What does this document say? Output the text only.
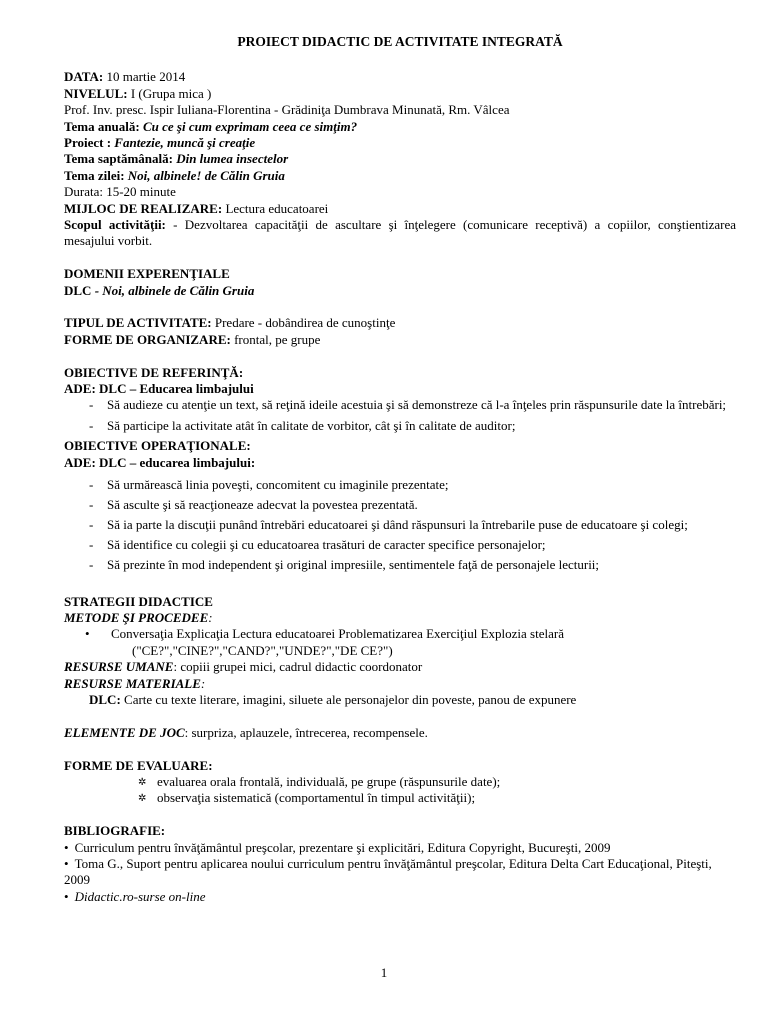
PROIECT DIDACTIC DE ACTIVITATE INTEGRATĂ

DATA: 10 martie 2014

NIVELUL: I (Grupa mica )

Prof. Inv. presc. Ispir Iuliana-Florentina - Grădiniţa Dumbrava Minunată, Rm. Vâlcea

Tema anuală: Cu ce şi cum exprimam ceea ce simţim?

Proiect : Fantezie, muncă şi creaţie

Tema saptămânală: Din lumea insectelor

Tema zilei: Noi, albinele! de Călin Gruia

Durata: 15-20 minute

MIJLOC DE REALIZARE: Lectura educatoarei

Scopul activităţii: - Dezvoltarea capacităţii de ascultare şi înţelegere (comunicare receptivă) a copiilor, conştientizarea mesajului vorbit.

DOMENII EXPERENŢIALE

DLC - Noi, albinele de Călin Gruia

TIPUL DE ACTIVITATE: Predare - dobândirea de cunoştinţe

FORME DE ORGANIZARE: frontal, pe grupe

OBIECTIVE DE REFERINŢĂ:

ADE: DLC – Educarea limbajului

- Să audieze cu atenţie un text, să reţină ideile acestuia şi să demonstreze că l-a înţeles prin răspunsurile date la întrebări;
- Să participe la activitate atât în calitate de vorbitor, cât şi în calitate de auditor;

OBIECTIVE OPERAŢIONALE:

ADE: DLC – educarea limbajului:

- Să urmărească linia poveşti, concomitent cu imaginile prezentate;
- Să asculte şi să reacţioneaze adecvat la povestea prezentată.
- Să ia parte la discuţii punând întrebări educatoarei şi dând răspunsuri la întrebarile puse de educatoare şi colegi;
- Să identifice cu colegii şi cu educatoarea trasături de caracter specifice personajelor;
- Să prezinte în mod independent şi original impresiile, sentimentele faţă de personajele lecturii;

STRATEGII DIDACTICE

METODE ŞI PROCEDEE:

• Conversaţia Explicaţia Lectura educatoarei Problematizarea Exerciţiul Explozia stelară

("CE?","CINE?","CAND?","UNDE?","DE CE?")

RESURSE UMANE: copiii grupei mici, cadrul didactic coordonator

RESURSE MATERIALE:

DLC: Carte cu texte literare, imagini, siluete ale personajelor din poveste, panou de expunere

ELEMENTE DE JOC: surpriza, aplauzele, întrecerea, recompensele.

FORME DE EVALUARE:

✲ evaluarea orala frontală, individuală, pe grupe (răspunsurile date);
✲ observaţia sistematică (comportamentul în timpul activităţii);

BIBLIOGRAFIE:

• Curriculum pentru învăţământul preşcolar, prezentare şi explicitări, Editura Copyright, Bucureşti, 2009
• Toma G., Suport pentru aplicarea noului curriculum pentru învăţământul preşcolar, Editura Delta Cart Educaţional, Piteşti, 2009
• Didactic.ro-surse on-line
1
